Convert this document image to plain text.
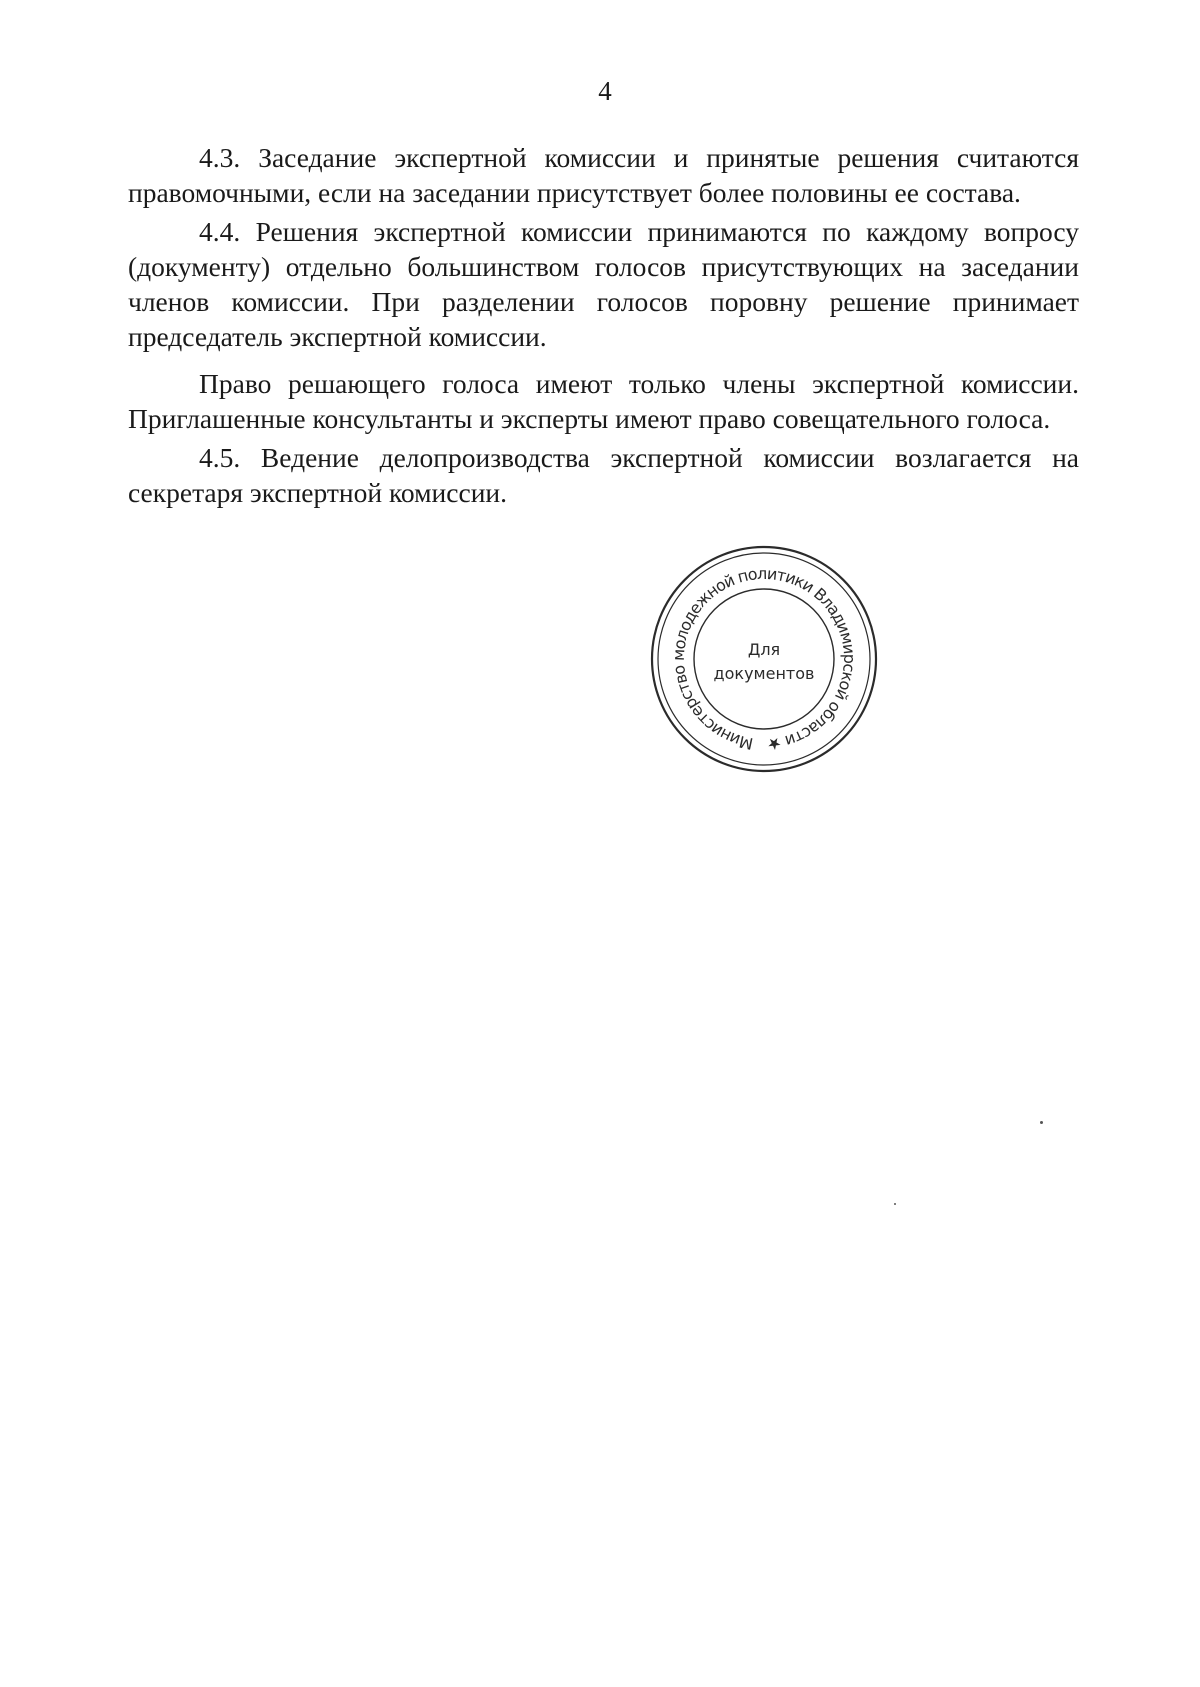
4

4.3. Заседание экспертной комиссии и принятые решения считаются правомочными, если на заседании присутствует более половины ее состава.

4.4. Решения экспертной комиссии принимаются по каждому вопросу (документу) отдельно большинством голосов присутствующих на заседании членов комиссии. При разделении голосов поровну решение принимает председатель экспертной комиссии.

Право решающего голоса имеют только члены экспертной комиссии. Приглашенные консультанты и эксперты имеют право совещательного голоса.

4.5. Ведение делопроизводства экспертной комиссии возлагается на секретаря экспертной комиссии.

Министерство молодежной политики Владимирской области ★
Для
документов
